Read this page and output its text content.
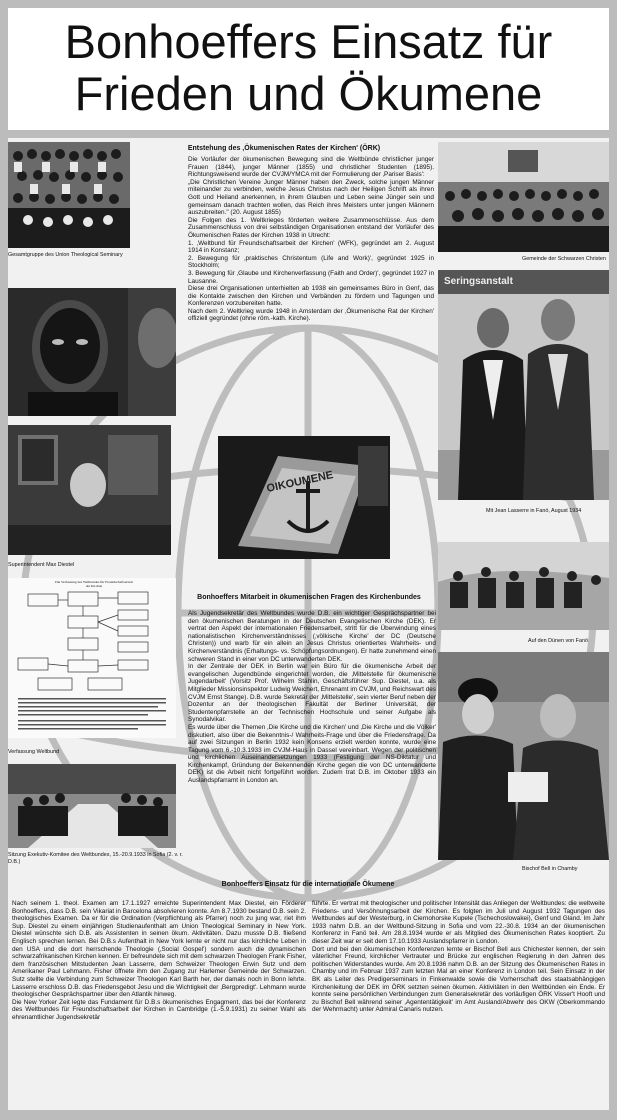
Bonhoeffers Einsatz für
Frieden und Ökumene
Gesamtgruppe des Union Theological Seminary
Superintendent Max Diestel
Die Verfassung des Weltbundes für Freundschaftsarbeit der Kirchen
Verfassung Weltbund
Sitzung Exekutiv-Komitee des Weltbundes, 15.-20.9.1933 in Sofia (2. v. r. D.B.)
OIKOUMENE
Gemeinde der Schwarzen Christen
Seringsanstalt
Mit Jean Lasserre in Fanö, August 1934
Auf den Dünen von Fanö
Bischof Bell in Chamby
Entstehung des ‚Ökumenischen Rates der Kirchen' (ÖRK)

Die Vorläufer der ökumenischen Bewegung sind die Weltbünde christlicher junger Frauen (1844), junger Männer (1855) und christlicher Studenten (1895). Richtungsweisend wurde der CVJM/YMCA mit der Formulierung der ‚Pariser Basis':

„Die Christlichen Vereine Junger Männer haben den Zweck, solche jungen Männer miteinander zu verbinden, welche Jesus Christus nach der Heiligen Schrift als ihren Gott und Heiland anerkennen, in ihrem Glauben und Leben seine Jünger sein und gemeinsam danach trachten wollen, das Reich ihres Meisters unter jungen Männern auszubreiten." (20. August 1855)

Die Folgen des 1. Weltkrieges förderten weitere Zusammenschlüsse. Aus dem Zusammenschluss von drei selbständigen Organisationen entstand der Vorläufer des Ökumenischen Rates der Kirchen 1938 in Utrecht:

1. ‚Weltbund für Freundschaftsarbeit der Kirchen' (WFK), gegründet am 2. August 1914 in Konstanz;

2. Bewegung für ‚praktisches Christentum (Life and Work)', gegründet 1925 in Stockholm;

3. Bewegung für ‚Glaube und Kirchenverfassung (Faith and Order)', gegründet 1927 in Lausanne.

Diese drei Organisationen unterhielten ab 1938 ein gemeinsames Büro in Genf, das die Kontakte zwischen den Kirchen und Verbänden zu fördern und Tagungen und Konferenzen vorzubereiten hatte.

Nach dem 2. Weltkrieg wurde 1948 in Amsterdam der ‚Ökumenische Rat der Kirchen' offiziell gegründet (ohne röm.-kath. Kirche).

Bonhoeffers Mitarbeit in ökumenischen Fragen des Kirchenbundes

Als Jugendsekretär des Weltbundes wurde D.B. ein wichtiger Gesprächspartner bei den ökumenischen Beratungen in der Deutschen Evangelischen Kirche (DEK). Er vertrat den Aspekt der internationalen Friedensarbeit, stritt für die Überwindung eines nationalistischen Kirchenverständnisses (‚völkische Kirche' der DC (Deutsche Christen)) und warb für ein allein an Jesus Christus orientiertes Wahrheits- und Kirchenverständnis (Erhaltungs- vs. Schöpfungsordnungen). Er hatte zunehmend einen schweren Stand in einer von DC unterwanderten DEK.

In der Zentrale der DEK in Berlin war ein Büro für die ökumenische Arbeit der evangelischen Jugendbünde eingerichtet worden, die ‚Mittelstelle für ökumenische Jugendarbeit' (Vorsitz Prof. Wilhelm Stählin, Geschäftsführer Sup. Diestel, u.a. als Mitglieder Missionsinspektor Ludwig Weichert, Ehrenamt im CVJM, und Reichswart des CVJM Ernst Stange). D.B. wurde Sekretär der ‚Mittelstelle', sein vierter Beruf neben der Dozentur an der theologischen Fakultät der Berliner Universität, der Studentenpfarrstelle an der Technischen Hochschule und seiner Aufgabe als Synodalvikar.

Es wurde über die Themen ‚Die Kirche und die Kirchen' und ‚Die Kirche und die Völker' diskutiert, also über die Bekenntnis-/ Wahrheits-Frage und über die Friedensfrage. Da auf zwei Sitzungen in Berlin 1932 kein Konsens erzielt werden konnte, wurde eine Tagung vom 6.-10.3.1933 im CVJM-Haus in Dassel vereinbart. Wegen der politischen und kirchlichen Auseinandersetzungen 1933 (Festigung der NS-Diktatur und Kirchenkampf, Gründung der Bekennenden Kirche gegen die von DC unterwanderte DEK) ist die Arbeit nicht fortgeführt worden. Zudem trat D.B. im Oktober 1933 ein Auslandspfarramt in London an.

Bonhoeffers Einsatz für die internationale Ökumene

Nach seinem 1. theol. Examen am 17.1.1927 erreichte Superintendent Max Diestel, ein Förderer Bonhoeffers, dass D.B. sein Vikariat in Barcelona absolvieren konnte. Am 8.7.1930 bestand D.B. sein 2. theologisches Examen. Da er für die Ordination (Verpflichtung als Pfarrer) noch zu jung war, riet ihm Sup. Diestel zu einem einjährigen Studienaufenthalt am Union Theological Seminary in New York. Diestel wünschte sich D.B. als Assistenten in seinen ökum. Aktivitäten. Dazu musste D.B. fließend Englisch sprechen lernen. Bei D.B.s Aufenthalt in New York lernte er nicht nur das kirchliche Leben in den USA und die dort herrschende Theologie (‚Social Gospel') sondern auch die dynamischen schwarzafrikanischen Kirchen kennen. Er befreundete sich mit dem schwarzen Theologen Frank Fisher, dem französischen Mitstudenten Jean Lasserre, dem Schweizer Theologen Erwin Sutz und dem Amerikaner Paul Lehmann. Fisher öffnete ihm den Zugang zur Harlemer Gemeinde der Schwarzen. Sutz stellte die Verbindung zum Schweizer Theologen Karl Barth her, der damals noch in Bonn lehrte. Lasserre erschloss D.B. das Friedensgebot Jesu und die Wichtigkeit der ‚Bergpredigt'. Lehmann wurde theologischer Gesprächspartner über den Atlantik hinweg.

Die New Yorker Zeit legte das Fundament für D.B.s ökumenisches Engagment, das bei der Konferenz des Weltbundes für Freundschaftsarbeit der Kirchen in Cambridge (1.-5.9.1931) zu seiner Wahl als ehrenamtlicher Jugendsekretär

führte. Er vertrat mit theologischer und politischer Intensität das Anliegen der Weltbundes: die weltweite Friedens- und Versöhnungsarbeit der Kirchen. Es folgten im Juli und August 1932 Tagungen des Weltbundes auf der Westerburg, in Ciernohorske Kupele (Tschechoslowakei), Genf und Gland. Im Jahr 1933 nahm D.B. an der Weltbund-Sitzung in Sofia und vom 22.-30.8. 1934 an der ökumenischen Konferenz in Fanö teil. Am 28.8.1934 wurde er als Mitglied des Ökumenischen Rates kooptiert. Zu dieser Zeit war er seit dem 17.10.1933 Auslandspfarrer in London.

Dort und bei den ökumenischen Konferenzen lernte er Bischof Bell aus Chichester kennen, der sein väterlicher Freund, kirchlicher Vertrauter und Brücke zur englischen Regierung in den Jahren des politischen Widerstandes wurde. Am 20.8.1936 nahm D.B. an der Sitzung des Ökumenischen Rates in Chamby und im Februar 1937 zum letzten Mal an einer Konferenz in London teil. Sein Einsatz in der BK als Leiter des Predigerseminars in Finkenwalde sowie die Vorherrschaft des staatsabhängigen Kirchenleitung der DEK im ÖRK setzten seinen ökumen. Aktivitäten in den Weltbünden ein Ende. Er konnte seine persönlichen Verbindungen zum Generalsekretär des vorläufigen ÖRK Visser't Hooft und zu Bischof Bell während seiner ‚Agententätigkeit' im Amt Ausland/Abwehr des OKW (Oberkommando der Wehrmacht) unter Admiral Canaris nutzen.
